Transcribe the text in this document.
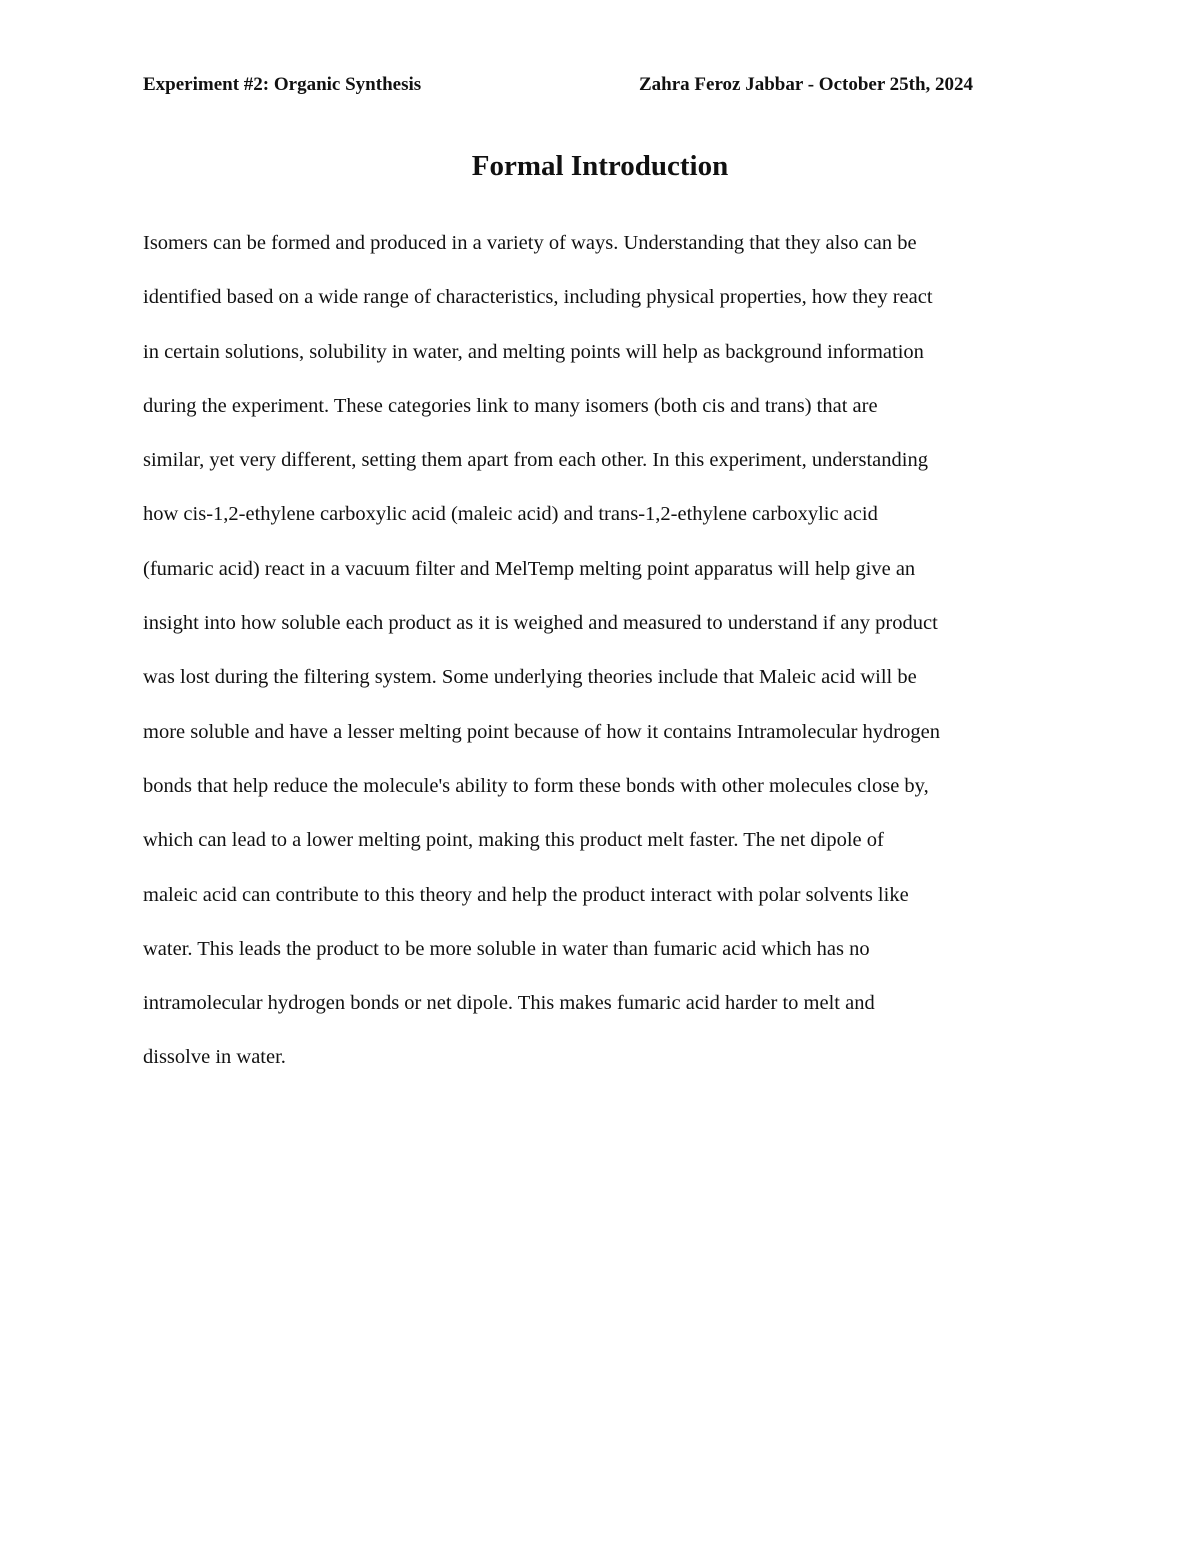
Experiment #2: Organic Synthesis	Zahra Feroz Jabbar - October 25th, 2024
Formal Introduction
Isomers can be formed and produced in a variety of ways. Understanding that they also can be
identified based on a wide range of characteristics, including physical properties, how they react
in certain solutions, solubility in water, and melting points will help as background information
during the experiment. These categories link to many isomers (both cis and trans) that are
similar, yet very different, setting them apart from each other. In this experiment, understanding
how cis-1,2-ethylene carboxylic acid (maleic acid) and trans-1,2-ethylene carboxylic acid
(fumaric acid) react in a vacuum filter and MelTemp melting point apparatus will help give an
insight into how soluble each product as it is weighed and measured to understand if any product
was lost during the filtering system. Some underlying theories include that Maleic acid will be
more soluble and have a lesser melting point because of how it contains Intramolecular hydrogen
bonds that help reduce the molecule's ability to form these bonds with other molecules close by,
which can lead to a lower melting point, making this product melt faster. The net dipole of
maleic acid can contribute to this theory and help the product interact with polar solvents like
water. This leads the product to be more soluble in water than fumaric acid which has no
intramolecular hydrogen bonds or net dipole. This makes fumaric acid harder to melt and
dissolve in water.
